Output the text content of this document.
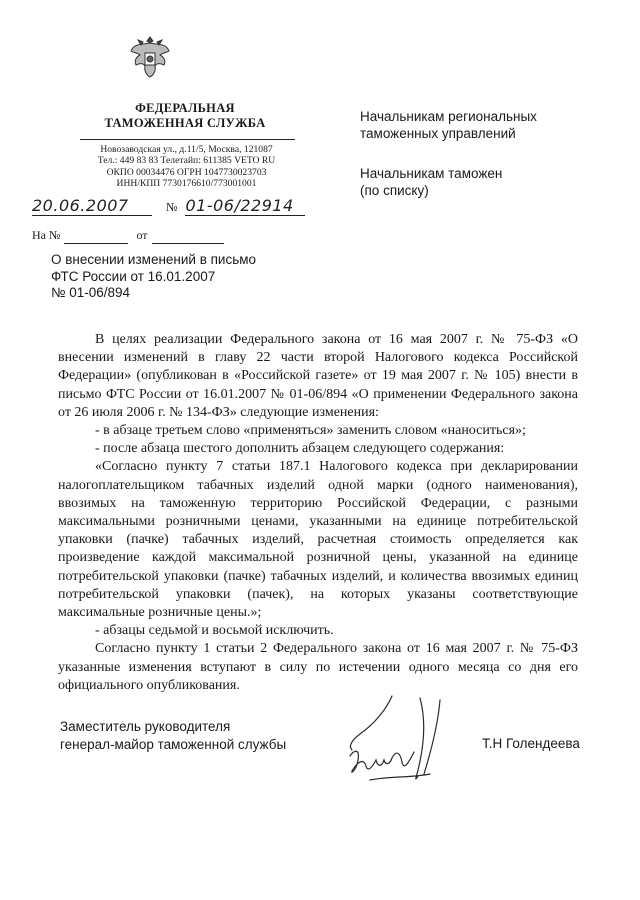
ФЕДЕРАЛЬНАЯ
ТАМОЖЕННАЯ СЛУЖБА
Новозаводская ул., д.11/5, Москва, 121087
Тел.: 449 83 83 Телетайп: 611385 VETO RU
ОКПО 00034476 ОГРН 1047730023703
ИНН/КПП 7730176610/773001001
20.06.2007	№ 01-06/22914
На №	от
Начальникам региональных
таможенных управлений
Начальникам таможен
(по списку)
О внесении изменений в письмо
ФТС России от 16.01.2007
№ 01-06/894

В целях реализации Федерального закона от 16 мая 2007 г. № 75-ФЗ «О внесении изменений в главу 22 части второй Налогового кодекса Российской Федерации» (опубликован в «Российской газете» от 19 мая 2007 г. № 105) внести в письмо ФТС России от 16.01.2007 № 01-06/894 «О применении Федерального закона от 26 июля 2006 г. № 134-ФЗ» следующие изменения:

- в абзаце третьем слово «применяться» заменить словом «наноситься»;

- после абзаца шестого дополнить абзацем следующего содержания:

«Согласно пункту 7 статьи 187.1 Налогового кодекса при декларировании налогоплательщиком табачных изделий одной марки (одного наименования), ввозимых на таможенную территорию Российской Федерации, с разными максимальными розничными ценами, указанными на единице потребительской упаковки (пачке) табачных изделий, расчетная стоимость определяется как произведение каждой максимальной розничной цены, указанной на единице потребительской упаковки (пачке) табачных изделий, и количества ввозимых единиц потребительской упаковки (пачек), на которых указаны соответствующие максимальные розничные цены.»;

- абзацы седьмой и восьмой исключить.

Согласно пункту 1 статьи 2 Федерального закона от 16 мая 2007 г. № 75-ФЗ указанные изменения вступают в силу по истечении одного месяца со дня его официального опубликования.

Заместитель руководителя
генерал-майор таможенной службы	Т.Н Голендеева
